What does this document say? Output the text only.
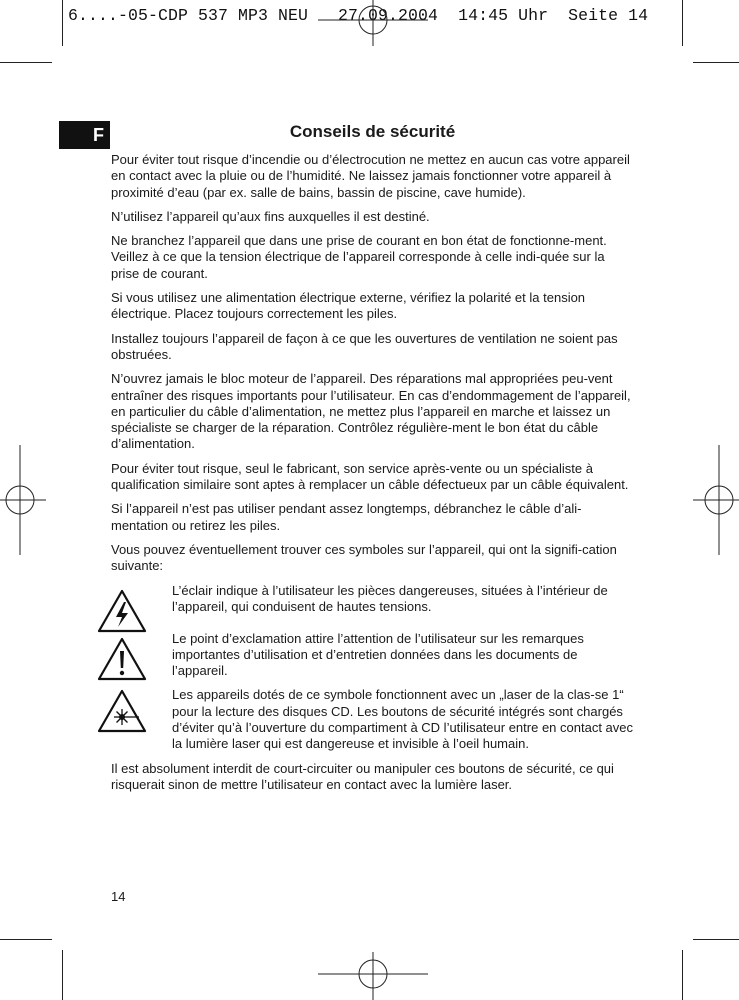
6....-05-CDP 537 MP3 NEU   27.09.2004  14:45 Uhr  Seite 14
F	Conseils de sécurité

Pour éviter tout risque d’incendie ou d’électrocution ne mettez en aucun cas votre appareil en contact avec la pluie ou de l’humidité. Ne laissez jamais fonctionner votre appareil à proximité d’eau (par ex. salle de bains, bassin de piscine, cave humide).

N’utilisez l’appareil qu’aux fins auxquelles il est destiné.

Ne branchez l’appareil que dans une prise de courant en bon état de fonctionne-ment. Veillez à ce que la tension électrique de l’appareil corresponde à celle indi-quée sur la prise de courant.

Si vous utilisez une alimentation électrique externe, vérifiez la polarité et la tension électrique. Placez toujours correctement les piles.

Installez toujours l’appareil de façon à ce que les ouvertures de ventilation ne soient pas obstruées.

N’ouvrez jamais le bloc moteur de l’appareil. Des réparations mal appropriées peu-vent entraîner des risques importants pour l’utilisateur. En cas d’endommagement de l’appareil, en particulier du câble d’alimentation, ne mettez plus l’appareil en marche et laissez un spécialiste se charger de la réparation. Contrôlez régulière-ment le bon état du câble d’alimentation.

Pour éviter tout risque, seul le fabricant, son service après-vente ou un spécialiste à qualification similaire sont aptes à remplacer un câble défectueux par un câble équivalent.

Si l’appareil n’est pas utiliser pendant assez longtemps, débranchez le câble d’ali-mentation ou retirez les piles.

Vous pouvez éventuellement trouver ces symboles sur l’appareil, qui ont la signifi-cation suivante:

L’éclair indique à l’utilisateur les pièces dangereuses, situées à l’intérieur de l’appareil, qui conduisent de hautes tensions.
Le point d’exclamation attire l’attention de l’utilisateur sur les remarques importantes d’utilisation et d’entretien données dans les documents de l’appareil.
Les appareils dotés de ce symbole fonctionnent avec un „laser de la clas-se 1“ pour la lecture des disques CD. Les boutons de sécurité intégrés sont chargés d’éviter qu’à l’ouverture du compartiment à CD l’utilisateur entre en contact avec la lumière laser qui est dangereuse et invisible à l’oeil humain.

Il est absolument interdit de court-circuiter ou manipuler ces boutons de sécurité, ce qui risquerait sinon de mettre l’utilisateur en contact avec la lumière laser.

14
